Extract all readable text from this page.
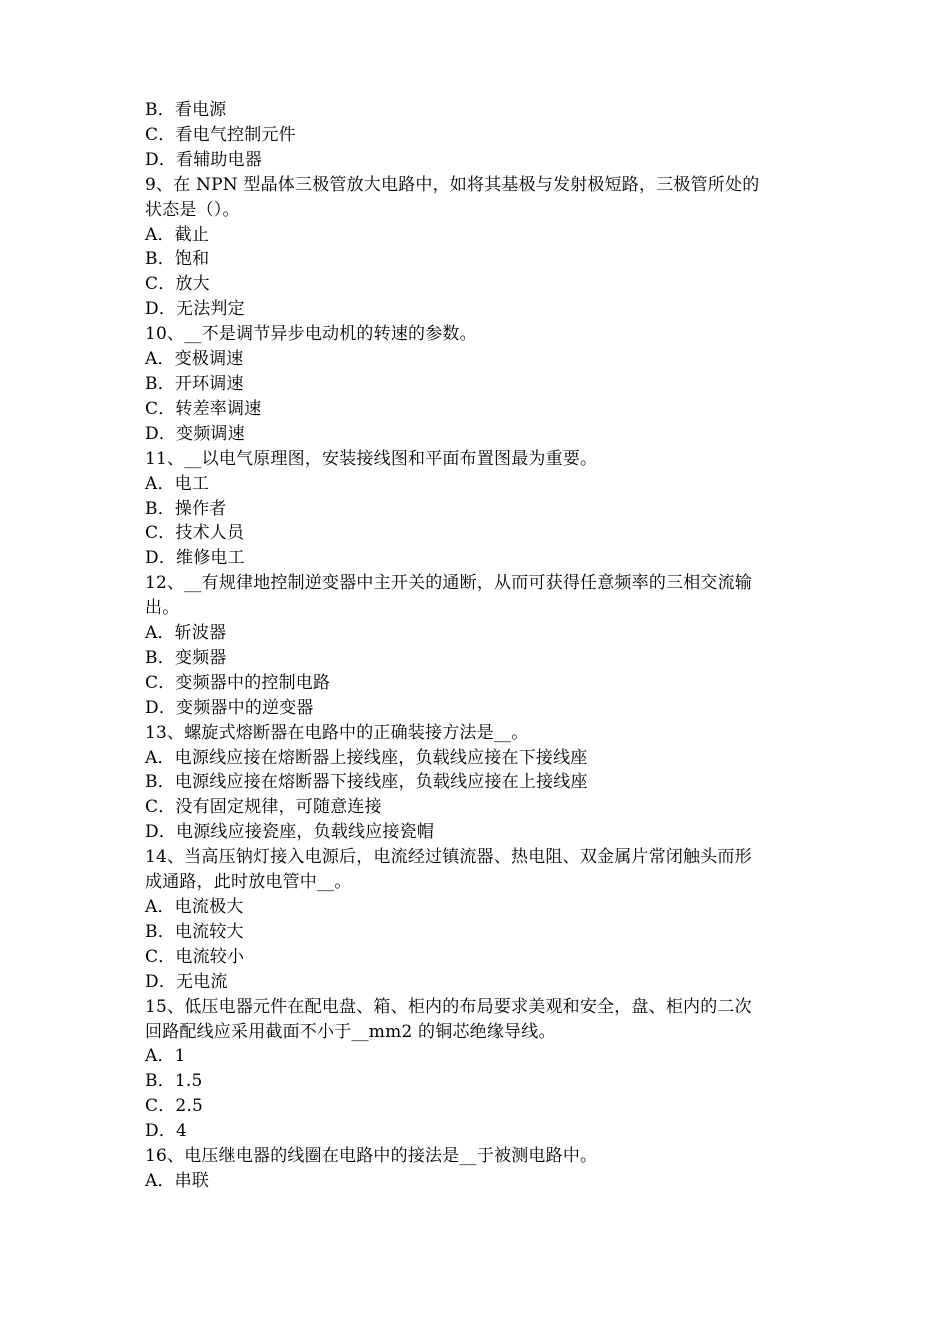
B．看电源
C．看电气控制元件
D．看辅助电器
9、在 NPN 型晶体三极管放大电路中，如将其基极与发射极短路，三极管所处的
状态是（）。
A．截止
B．饱和
C．放大
D．无法判定
10、__不是调节异步电动机的转速的参数。
A．变极调速
B．开环调速
C．转差率调速
D．变频调速
11、__以电气原理图，安装接线图和平面布置图最为重要。
A．电工
B．操作者
C．技术人员
D．维修电工
12、__有规律地控制逆变器中主开关的通断，从而可获得任意频率的三相交流输
出。
A．斩波器
B．变频器
C．变频器中的控制电路
D．变频器中的逆变器
13、螺旋式熔断器在电路中的正确装接方法是__。
A．电源线应接在熔断器上接线座，负载线应接在下接线座
B．电源线应接在熔断器下接线座，负载线应接在上接线座
C．没有固定规律，可随意连接
D．电源线应接瓷座，负载线应接瓷帽
14、当高压钠灯接入电源后，电流经过镇流器、热电阻、双金属片常闭触头而形
成通路，此时放电管中__。
A．电流极大
B．电流较大
C．电流较小
D．无电流
15、低压电器元件在配电盘、箱、柜内的布局要求美观和安全，盘、柜内的二次
回路配线应采用截面不小于__mm2 的铜芯绝缘导线。
A．1
B．1.5
C．2.5
D．4
16、电压继电器的线圈在电路中的接法是__于被测电路中。
A．串联
